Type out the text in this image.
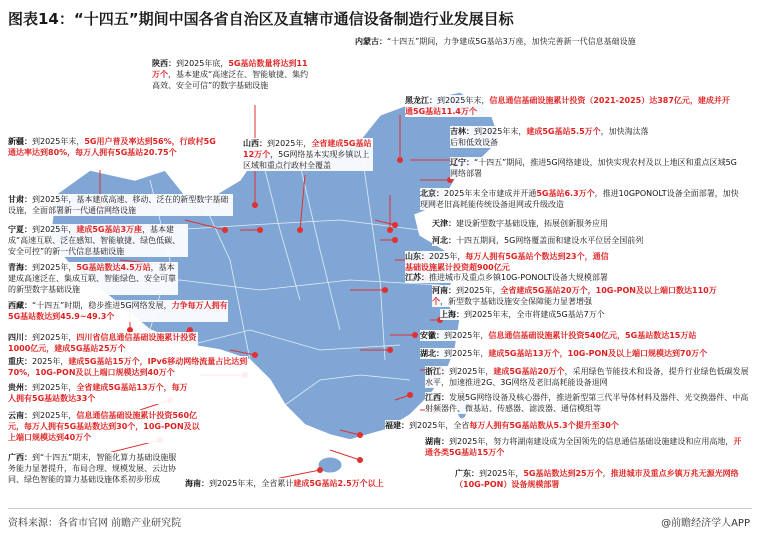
图表14：“十四五”期间中国各省自治区及直辖市通信设备制造行业发展目标
内蒙古：“十四五”期间，力争建成5G基站3万座，加快完善新一代信息基础设施
陕西：到2025年底，5G基站数量将达到11万个，基本建成“高速泛在、智能敏捷、集约高效、安全可信”的数字基础设施
黑龙江：到2025年末，信息通信基础设施累计投资（2021-2025）达387亿元，建成并开通5G基站11.4万个
新疆：到2025年末，5G用户普及率达到56%，行政村5G通达率达到80%，每万人拥有5G基站20.75个
山西：到2025年，全省建成5G基站12万个，5G网络基本实现乡镇以上区域和重点行政村全覆盖
吉林：到2025年末，建成5G基站5.5万个，加快淘汰落后和低效设备
辽宁：“十四五”期间，推进5G网络建设，加快实现农村及以上地区和重点区域5G网络部署
甘肃：到2025年，基本建成高速、移动、泛在的新型数字基础设施，全面部署新一代通信网络设施
北京：2025年末全市建成并开通5G基站6.3万个，推进10GPONOLT设备全面部署，加快现网老旧高耗能传统设备退网或升级改造
宁夏：到2025年，建成5G基站3万座，基本建成“高速互联、泛在感知、智能敏捷、绿色低碳、安全可控”的新一代信息基础设施
天津：建设新型数字基础设施，拓展创新服务应用
河北：十四五期间，5G网络覆盖面和建设水平位居全国前列
青海：到2025年，5G基站数达4.5万站，基本建成高速泛在、集成互联、智能绿色、安全可靠的新型数字基础设施
山东：2025年，每万人拥有5G基站个数达到23个，通信基础设施累计投资超900亿元
江苏：推进城市及重点乡镇10G-PONOLT设备大规模部署
西藏：“十四五”时期，稳步推进5G网络发展，力争每万人拥有5G基站数达到45.9~49.3个
河南：到2025年，全省建成5G基站20万个，10G-PON及以上端口数达110万个，新型数字基础设施安全保障能力显著增强
上海：到2025年末，全市将建成5G基站7万个
四川：到2025年，四川省信息通信基础设施累计投资1000亿元，建成5G基站25万个
安徽：到2025年，信息通信基础设施累计投资540亿元，5G基站数达15万站
重庆：2025年，建成5G基站15万个，IPv6移动网络流量占比达到70%，10G-PON及以上端口规模达到40万个
湖北：到2025年，建成5G基站13万个，10G-PON及以上端口规模达到70万个
贵州：到2025年，全省建成5G基站13万个，每万人拥有5G基站数达33个
浙江：到2025年，建成5G基站20万个，采用绿色节能技术和设备，提升行业绿色低碳发展水平，加速推进2G、3G网络及老旧高耗能设备退网
江西：发展5G网络设备及核心器件，推进新型第三代半导体材料及器件、光交换器件、中高射频器件、微基站、传感器、滤波器、通信模组等
云南：到2025年，信息通信基础设施累计投资560亿元，每万人拥有5G基站数达到30个，10G-PON及以上端口规模达到40万个
福建：到2025年，全省每万人拥有5G基站数从5.3个提升至30个
湖南：到2025年，努力将湖南建设成为全国领先的信息通信基础设施建设和应用高地，开通各类5G基站15万个
广西：到“十四五”期末，智能化算力基础设施服务能力显著提升，布局合理、规模发展、云边协同、绿色智能的算力基础设施体系初步形成
广东：到2025年，5G基站数达到25万个，推进城市及重点乡镇万兆无源光网络（10G-PON）设备规模部署
海南：到2025年末，全省累计建成5G基站2.5万个以上
资料来源：各省市官网 前瞻产业研究院	@前瞻经济学人APP
